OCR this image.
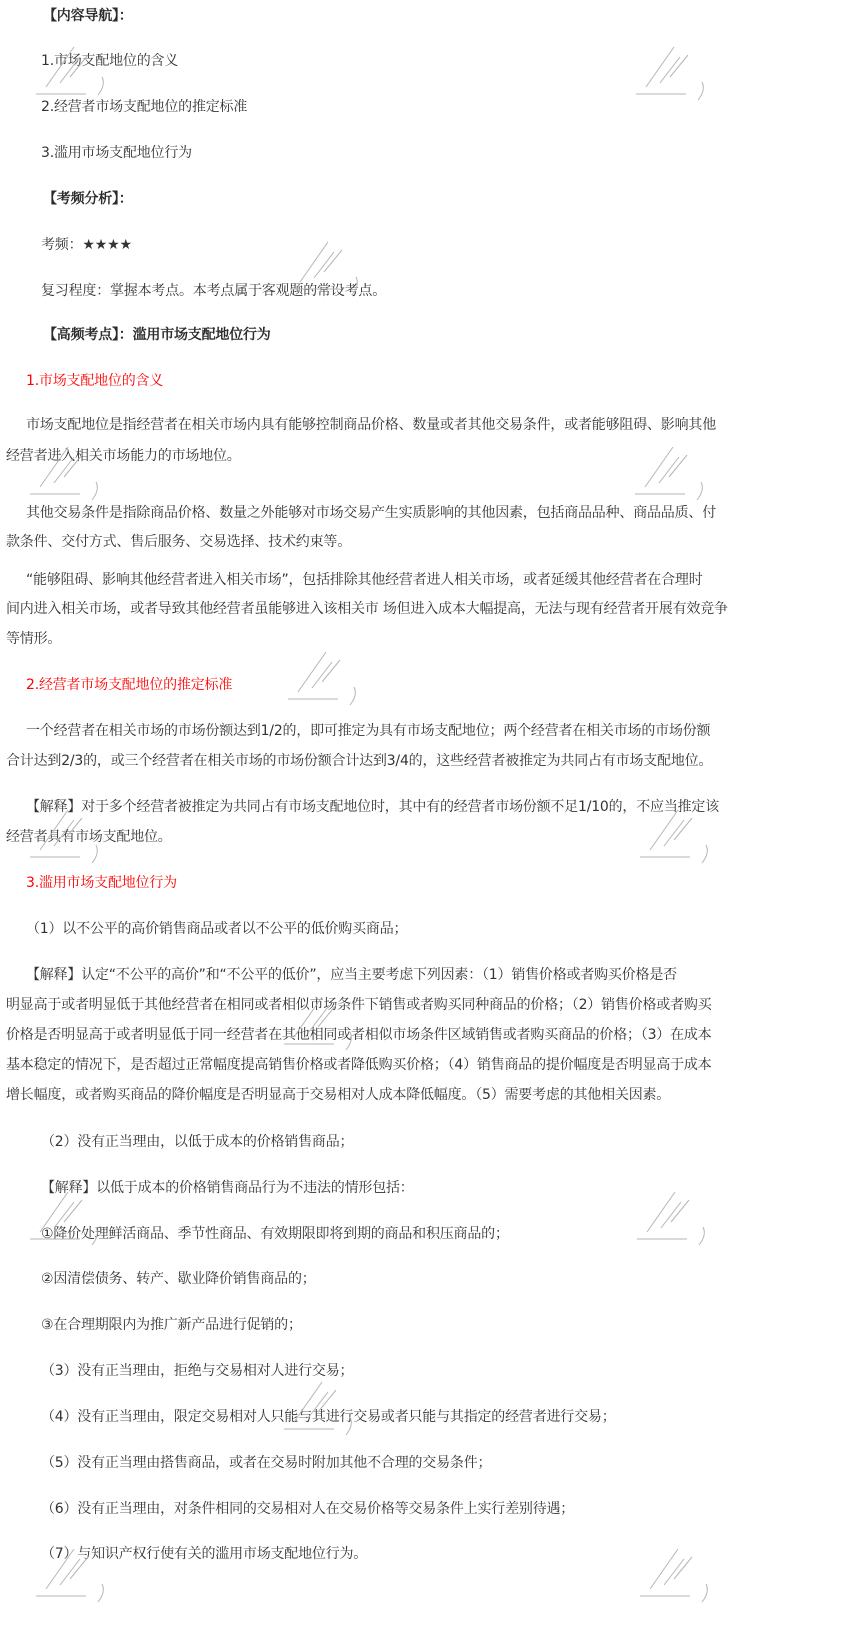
【内容导航】：
1.市场支配地位的含义
2.经营者市场支配地位的推定标准
3.滥用市场支配地位行为
【考频分析】：
考频：★★★★
复习程度：掌握本考点。本考点属于客观题的常设考点。
【高频考点】：滥用市场支配地位行为
1.市场支配地位的含义
市场支配地位是指经营者在相关市场内具有能够控制商品价格、数量或者其他交易条件，或者能够阻碍、影响其他
经营者进入相关市场能力的市场地位。
其他交易条件是指除商品价格、数量之外能够对市场交易产生实质影响的其他因素，包括商品品种、商品品质、付
款条件、交付方式、售后服务、交易选择、技术约束等。
“能够阻碍、影响其他经营者进入相关市场”，包括排除其他经营者进人相关市场，或者延缓其他经营者在合理时
间内进入相关市场，或者导致其他经营者虽能够进入该相关市 场但进入成本大幅提高，无法与现有经营者开展有效竞争
等情形。
2.经营者市场支配地位的推定标准
一个经营者在相关市场的市场份额达到1/2的，即可推定为具有市场支配地位；两个经营者在相关市场的市场份额
合计达到2/3的，或三个经营者在相关市场的市场份额合计达到3/4的，这些经营者被推定为共同占有市场支配地位。
【解释】对于多个经营者被推定为共同占有市场支配地位时，其中有的经营者市场份额不足1/10的，不应当推定该
经营者具有市场支配地位。
3.滥用市场支配地位行为
（1）以不公平的高价销售商品或者以不公平的低价购买商品；
【解释】认定“不公平的高价”和“不公平的低价”，应当主要考虑下列因素：（1）销售价格或者购买价格是否
明显高于或者明显低于其他经营者在相同或者相似市场条件下销售或者购买同种商品的价格；（2）销售价格或者购买
价格是否明显高于或者明显低于同一经营者在其他相同或者相似市场条件区域销售或者购买商品的价格；（3）在成本
基本稳定的情况下，是否超过正常幅度提高销售价格或者降低购买价格；（4）销售商品的提价幅度是否明显高于成本
增长幅度，或者购买商品的降价幅度是否明显高于交易相对人成本降低幅度。（5）需要考虑的其他相关因素。
（2）没有正当理由，以低于成本的价格销售商品；
【解释】以低于成本的价格销售商品行为不违法的情形包括：
①降价处理鲜活商品、季节性商品、有效期限即将到期的商品和积压商品的；
②因清偿债务、转产、歇业降价销售商品的；
③在合理期限内为推广新产品进行促销的；
（3）没有正当理由，拒绝与交易相对人进行交易；
（4）没有正当理由，限定交易相对人只能与其进行交易或者只能与其指定的经营者进行交易；
（5）没有正当理由搭售商品，或者在交易时附加其他不合理的交易条件；
（6）没有正当理由，对条件相同的交易相对人在交易价格等交易条件上实行差别待遇；
（7）与知识产权行使有关的滥用市场支配地位行为。
